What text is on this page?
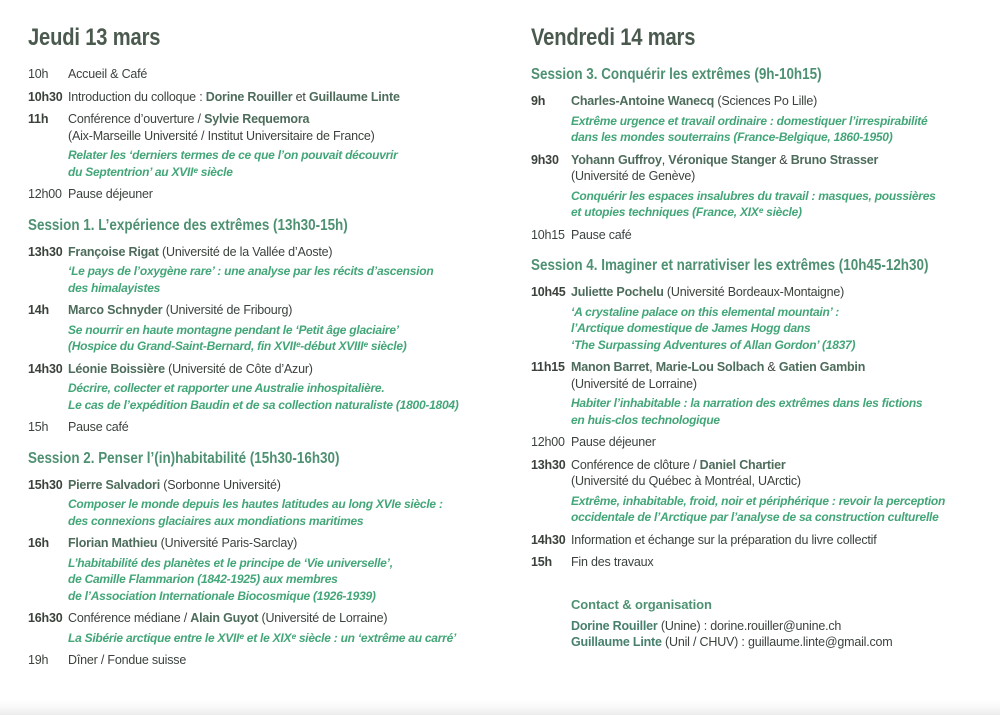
Jeudi 13 mars
10h	Accueil & Café
10h30 Introduction du colloque : Dorine Rouiller et Guillaume Linte
11h	Conférence d’ouverture / Sylvie Requemora
(Aix-Marseille Université / Institut Universitaire de France)
Relater les ‘derniers termes de ce que l’on pouvait découvrir
du Septentrion’ au XVIIᵉ siècle
12h00 Pause déjeuner
Session 1. L’expérience des extrêmes (13h30-15h)
13h30 Françoise Rigat (Université de la Vallée d’Aoste)
‘Le pays de l’oxygène rare’ : une analyse par les récits d’ascension
des himalayistes
14h	Marco Schnyder (Université de Fribourg)
Se nourrir en haute montagne pendant le ‘Petit âge glaciaire’
(Hospice du Grand-Saint-Bernard, fin XVIIᵉ-début XVIIIᵉ siècle)
14h30 Léonie Boissière (Université de Côte d’Azur)
Décrire, collecter et rapporter une Australie inhospitalière.
Le cas de l’expédition Baudin et de sa collection naturaliste (1800-1804)
15h	Pause café
Session 2. Penser l’(in)habitabilité (15h30-16h30)
15h30 Pierre Salvadori (Sorbonne Université)
Composer le monde depuis les hautes latitudes au long XVIe siècle :
des connexions glaciaires aux mondiations maritimes
16h	Florian Mathieu (Université Paris-Sarclay)
L’habitabilité des planètes et le principe de ‘Vie universelle’,
de Camille Flammarion (1842-1925) aux membres
de l’Association Internationale Biocosmique (1926-1939)
16h30 Conférence médiane / Alain Guyot (Université de Lorraine)
La Sibérie arctique entre le XVIIᵉ et le XIXᵉ siècle : un ‘extrême au carré’
19h	Dîner / Fondue suisse
Vendredi 14 mars
Session 3. Conquérir les extrêmes (9h-10h15)
9h	Charles-Antoine Wanecq (Sciences Po Lille)
Extrême urgence et travail ordinaire : domestiquer l’irrespirabilité
dans les mondes souterrains (France-Belgique, 1860-1950)
9h30 Yohann Guffroy, Véronique Stanger & Bruno Strasser
(Université de Genève)
Conquérir les espaces insalubres du travail : masques, poussières
et utopies techniques (France, XIXᵉ siècle)
10h15 Pause café
Session 4. Imaginer et narrativiser les extrêmes (10h45-12h30)
10h45 Juliette Pochelu (Université Bordeaux-Montaigne)
‘A crystaline palace on this elemental mountain’ :
l’Arctique domestique de James Hogg dans
‘The Surpassing Adventures of Allan Gordon’ (1837)
11h15 Manon Barret, Marie-Lou Solbach & Gatien Gambin
(Université de Lorraine)
Habiter l’inhabitable : la narration des extrêmes dans les fictions
en huis-clos technologique
12h00 Pause déjeuner
13h30 Conférence de clôture / Daniel Chartier
(Université du Québec à Montréal, UArctic)
Extrême, inhabitable, froid, noir et périphérique : revoir la perception
occidentale de l’Arctique par l’analyse de sa construction culturelle
14h30 Information et échange sur la préparation du livre collectif
15h	Fin des travaux
Contact & organisation
Dorine Rouiller (Unine) : dorine.rouiller@unine.ch
Guillaume Linte (Unil / CHUV) : guillaume.linte@gmail.com
